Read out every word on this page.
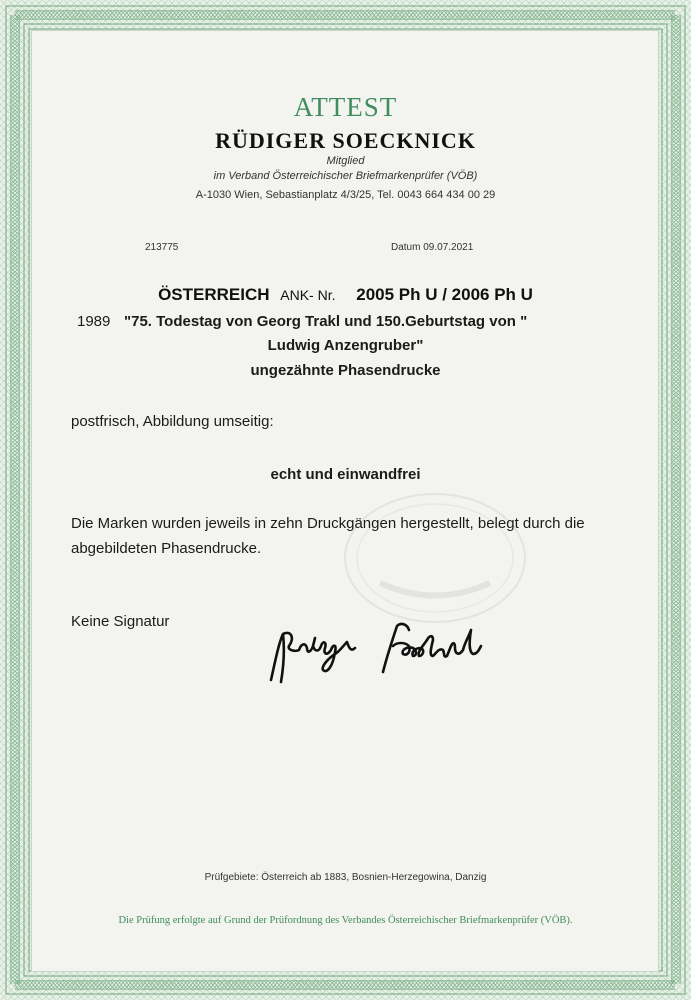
ATTEST
RÜDIGER SOECKNICK
Mitglied
im Verband Österreichischer Briefmarkenprüfer (VÖB)
A-1030 Wien, Sebastianplatz 4/3/25, Tel. 0043 664 434 00 29
213775	Datum 09.07.2021
ÖSTERREICH ANK- Nr. 2005 Ph U / 2006 Ph U
1989 "75. Todestag von Georg Trakl und 150.Geburtstag von "
Ludwig Anzengruber"
ungezähnte Phasendrucke
postfrisch, Abbildung umseitig:
echt und einwandfrei
Die Marken wurden jeweils in zehn Druckgängen hergestellt, belegt durch die
abgebildeten Phasendrucke.
Keine Signatur
Prüfgebiete: Österreich ab 1883, Bosnien-Herzegowina, Danzig
Die Prüfung erfolgte auf Grund der Prüfordnung des Verbandes Österreichischer Briefmarkenprüfer (VÖB).
